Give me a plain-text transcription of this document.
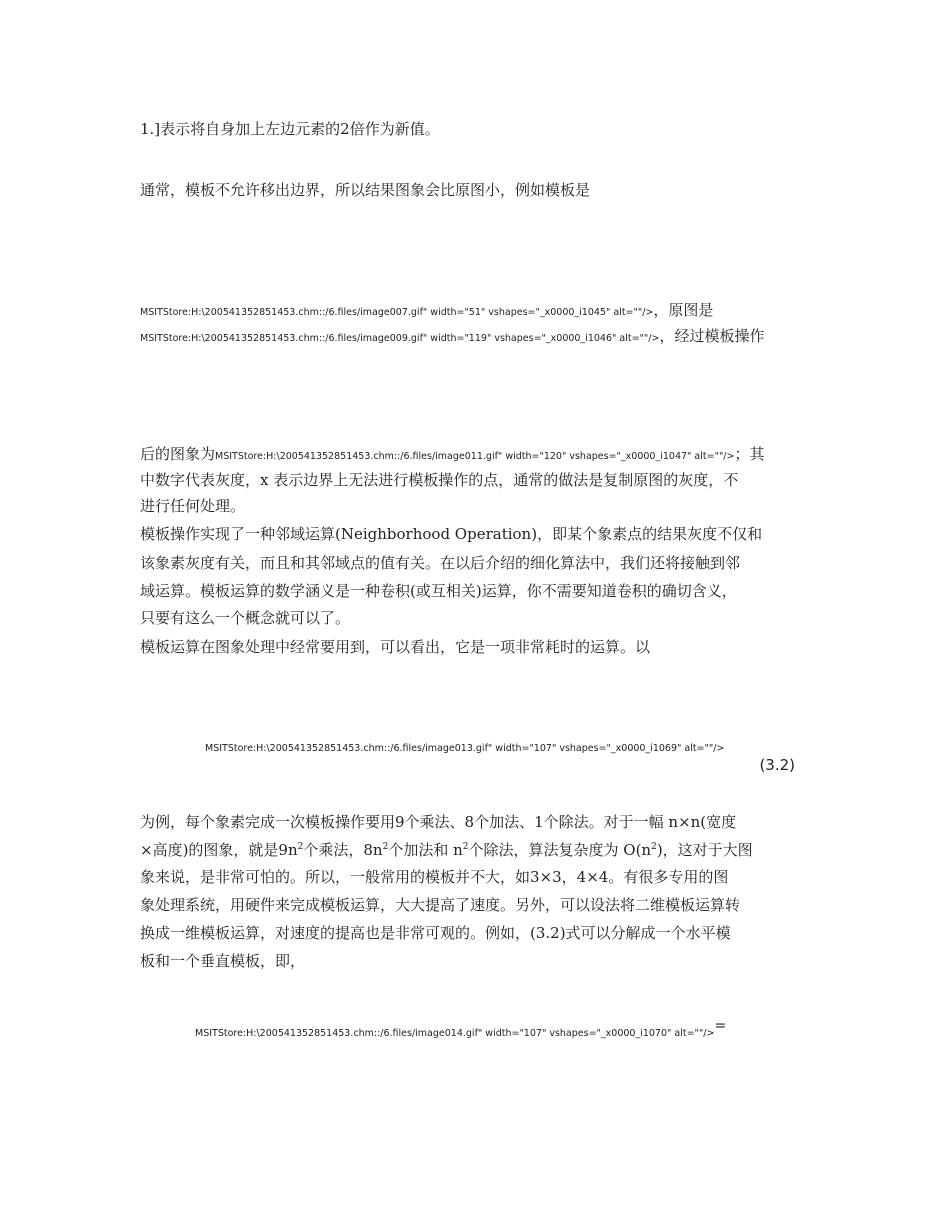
1.]表示将自身加上左边元素的2倍作为新值。
通常，模板不允许移出边界，所以结果图象会比原图小，例如模板是
MSITStore:H:\200541352851453.chm::/6.files/image007.gif" width="51" vshapes="_x0000_i1045" alt=""/>，原图是
MSITStore:H:\200541352851453.chm::/6.files/image009.gif" width="119" vshapes="_x0000_i1046" alt=""/>，经过模板操作
后的图象为MSITStore:H:\200541352851453.chm::/6.files/image011.gif" width="120" vshapes="_x0000_i1047" alt=""/>；其
中数字代表灰度，x 表示边界上无法进行模板操作的点，通常的做法是复制原图的灰度，不
进行任何处理。
模板操作实现了一种邻域运算(Neighborhood Operation)，即某个象素点的结果灰度不仅和
该象素灰度有关，而且和其邻域点的值有关。在以后介绍的细化算法中，我们还将接触到邻
域运算。模板运算的数学涵义是一种卷积(或互相关)运算，你不需要知道卷积的确切含义，
只要有这么一个概念就可以了。
模板运算在图象处理中经常要用到，可以看出，它是一项非常耗时的运算。以
MSITStore:H:\200541352851453.chm::/6.files/image013.gif" width="107" vshapes="_x0000_i1069" alt=""/>
(3.2)
为例，每个象素完成一次模板操作要用9个乘法、8个加法、1个除法。对于一幅 n×n(宽度
×高度)的图象，就是$9n^2$个乘法，$8n^2$个加法和 $n^2$个除法，算法复杂度为 $O(n^2)$，这对于大图
象来说，是非常可怕的。所以，一般常用的模板并不大，如3×3，4×4。有很多专用的图
象处理系统，用硬件来完成模板运算，大大提高了速度。另外，可以设法将二维模板运算转
换成一维模板运算，对速度的提高也是非常可观的。例如，(3.2)式可以分解成一个水平模
板和一个垂直模板，即，
MSITStore:H:\200541352851453.chm::/6.files/image014.gif" width="107" vshapes="_x0000_i1070" alt=""/>=
